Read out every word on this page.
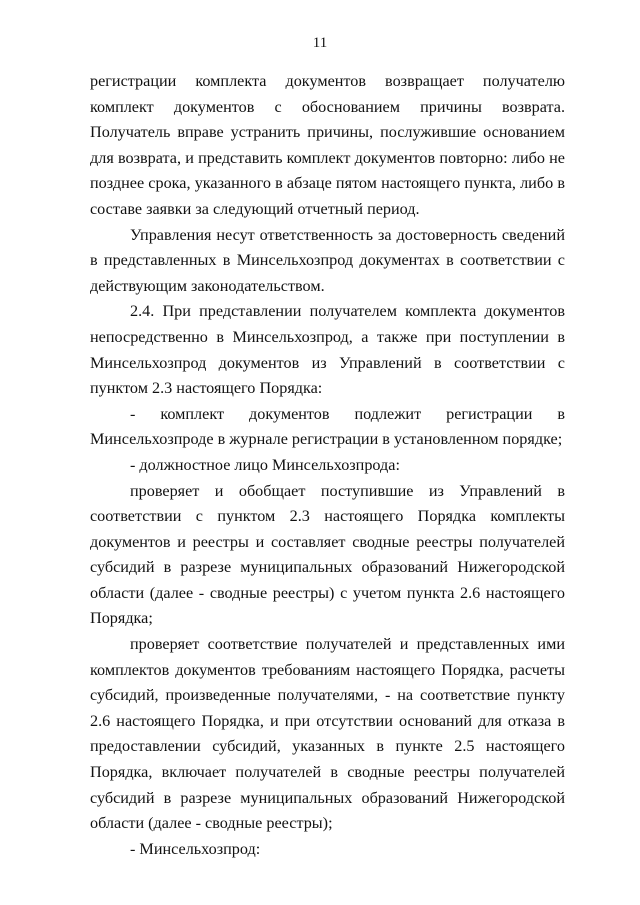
11

регистрации комплекта документов возвращает получателю комплект документов с обоснованием причины возврата. Получатель вправе устранить причины, послужившие основанием для возврата, и представить комплект документов повторно: либо не позднее срока, указанного в абзаце пятом настоящего пункта, либо в составе заявки за следующий отчетный период.

Управления несут ответственность за достоверность сведений в представленных в Минсельхозпрод документах в соответствии с действующим законодательством.

2.4. При представлении получателем комплекта документов непосредственно в Минсельхозпрод, а также при поступлении в Минсельхозпрод документов из Управлений в соответствии с пунктом 2.3 настоящего Порядка:

- комплект документов подлежит регистрации в Минсельхозпроде в журнале регистрации в установленном порядке;

- должностное лицо Минсельхозпрода:

проверяет и обобщает поступившие из Управлений в соответствии с пунктом 2.3 настоящего Порядка комплекты документов и реестры и составляет сводные реестры получателей субсидий в разрезе муниципальных образований Нижегородской области (далее - сводные реестры) с учетом пункта 2.6 настоящего Порядка;

проверяет соответствие получателей и представленных ими комплектов документов требованиям настоящего Порядка, расчеты субсидий, произведенные получателями, - на соответствие пункту 2.6 настоящего Порядка, и при отсутствии оснований для отказа в предоставлении субсидий, указанных в пункте 2.5 настоящего Порядка, включает получателей в сводные реестры получателей субсидий в разрезе муниципальных образований Нижегородской области (далее - сводные реестры);

- Минсельхозпрод:
